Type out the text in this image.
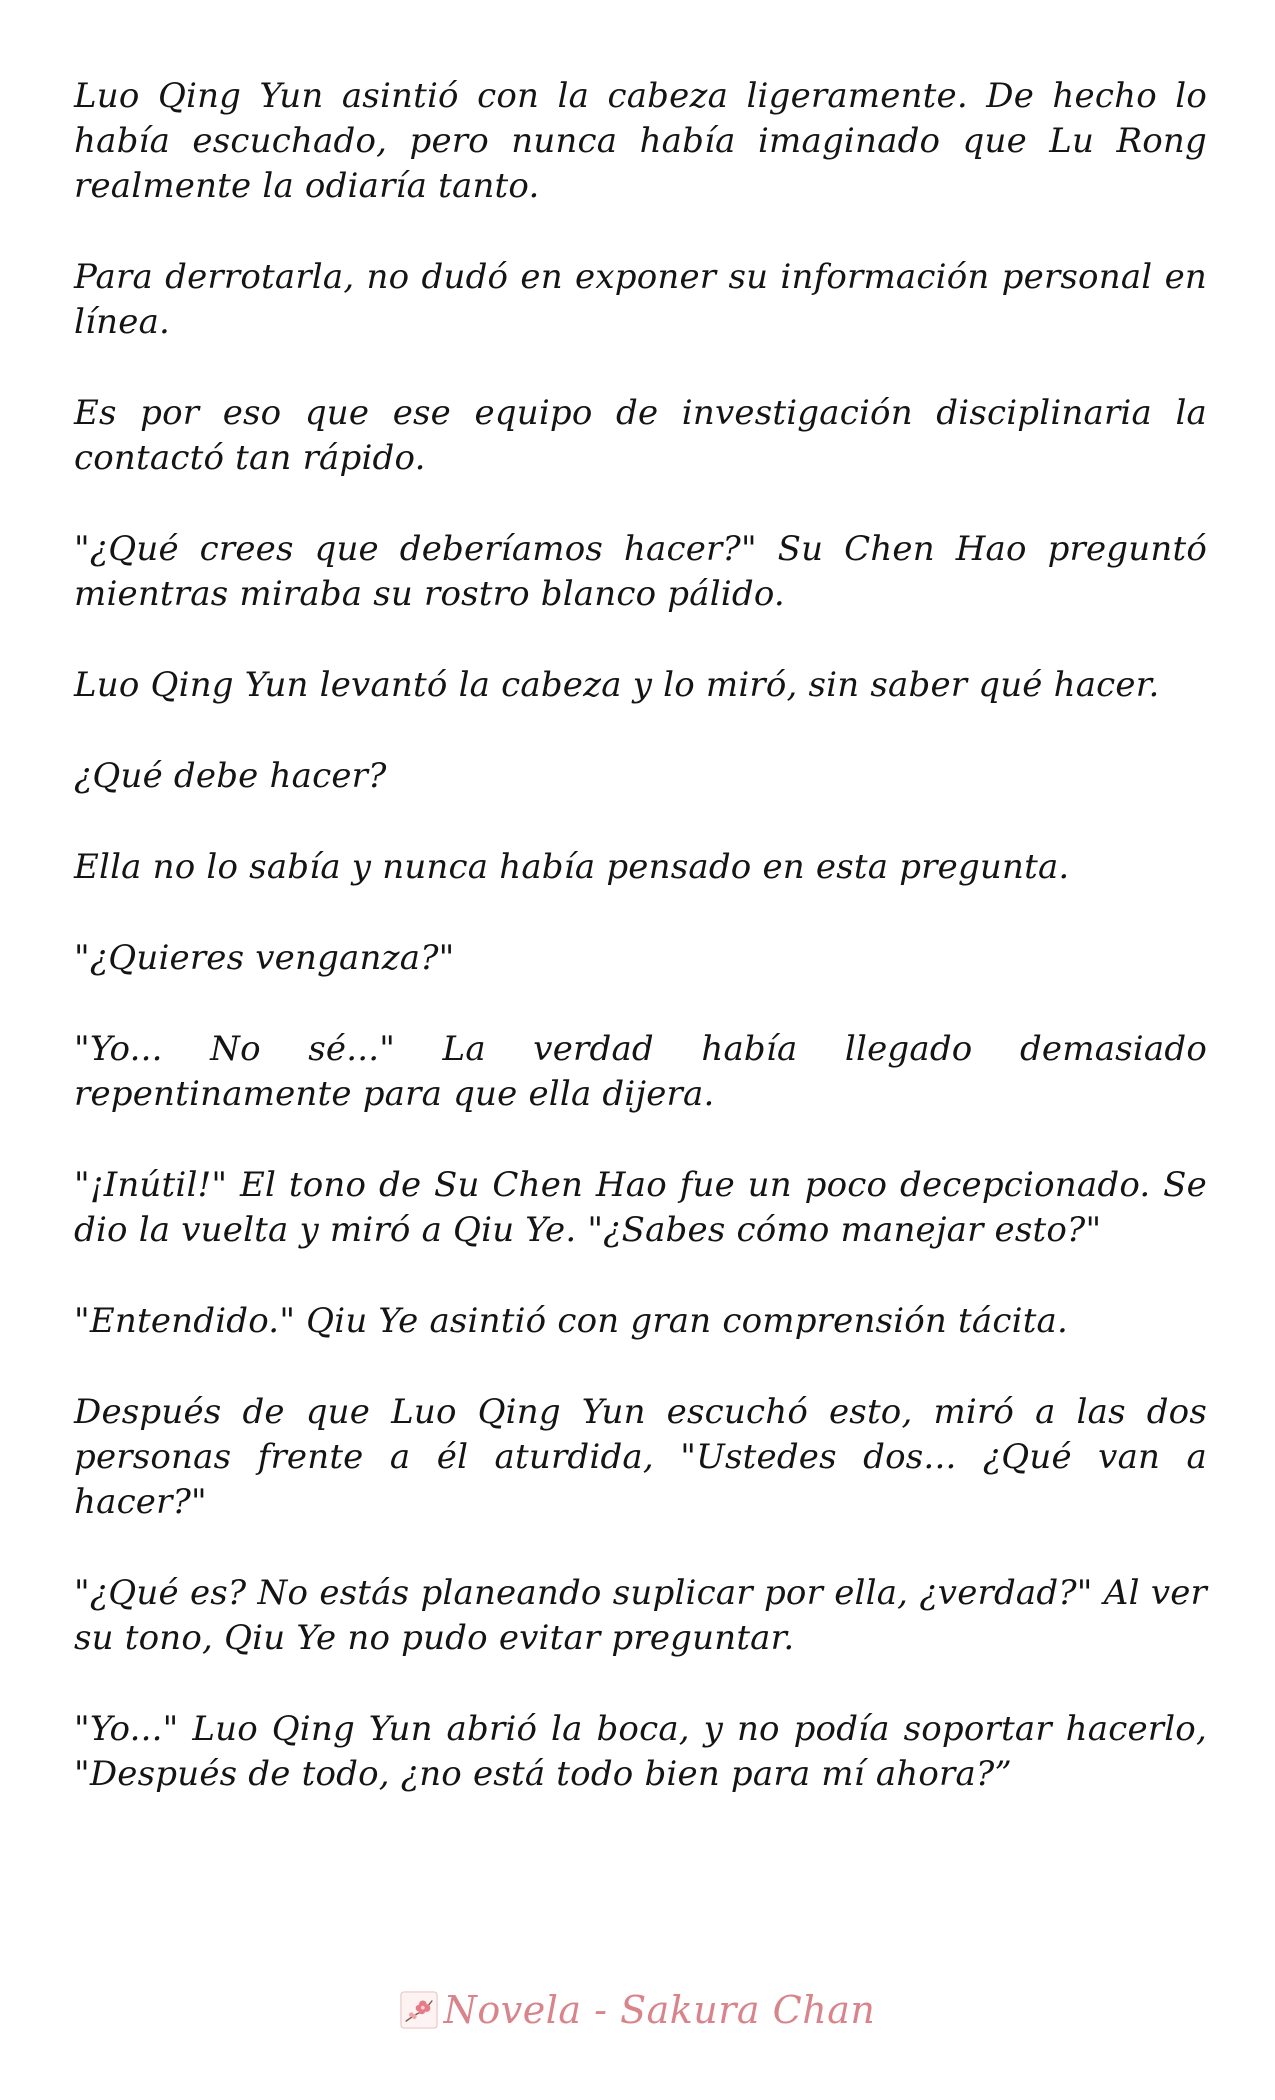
Luo Qing Yun asintió con la cabeza ligeramente. De hecho lo había escuchado, pero nunca había imaginado que Lu Rong realmente la odiaría tanto.

Para derrotarla, no dudó en exponer su información personal en línea.

Es por eso que ese equipo de investigación disciplinaria la contactó tan rápido.

"¿Qué crees que deberíamos hacer?" Su Chen Hao preguntó mientras miraba su rostro blanco pálido.

Luo Qing Yun levantó la cabeza y lo miró, sin saber qué hacer.

¿Qué debe hacer?

Ella no lo sabía y nunca había pensado en esta pregunta.

"¿Quieres venganza?"

"Yo... No sé..." La verdad había llegado demasiado repentinamente para que ella dijera.

"¡Inútil!" El tono de Su Chen Hao fue un poco decepcionado. Se dio la vuelta y miró a Qiu Ye. "¿Sabes cómo manejar esto?"

"Entendido." Qiu Ye asintió con gran comprensión tácita.

Después de que Luo Qing Yun escuchó esto, miró a las dos personas frente a él aturdida, "Ustedes dos... ¿Qué van a hacer?"

"¿Qué es? No estás planeando suplicar por ella, ¿verdad?" Al ver su tono, Qiu Ye no pudo evitar preguntar.

"Yo..." Luo Qing Yun abrió la boca, y no podía soportar hacerlo, "Después de todo, ¿no está todo bien para mí ahora?”

Novela - Sakura Chan
